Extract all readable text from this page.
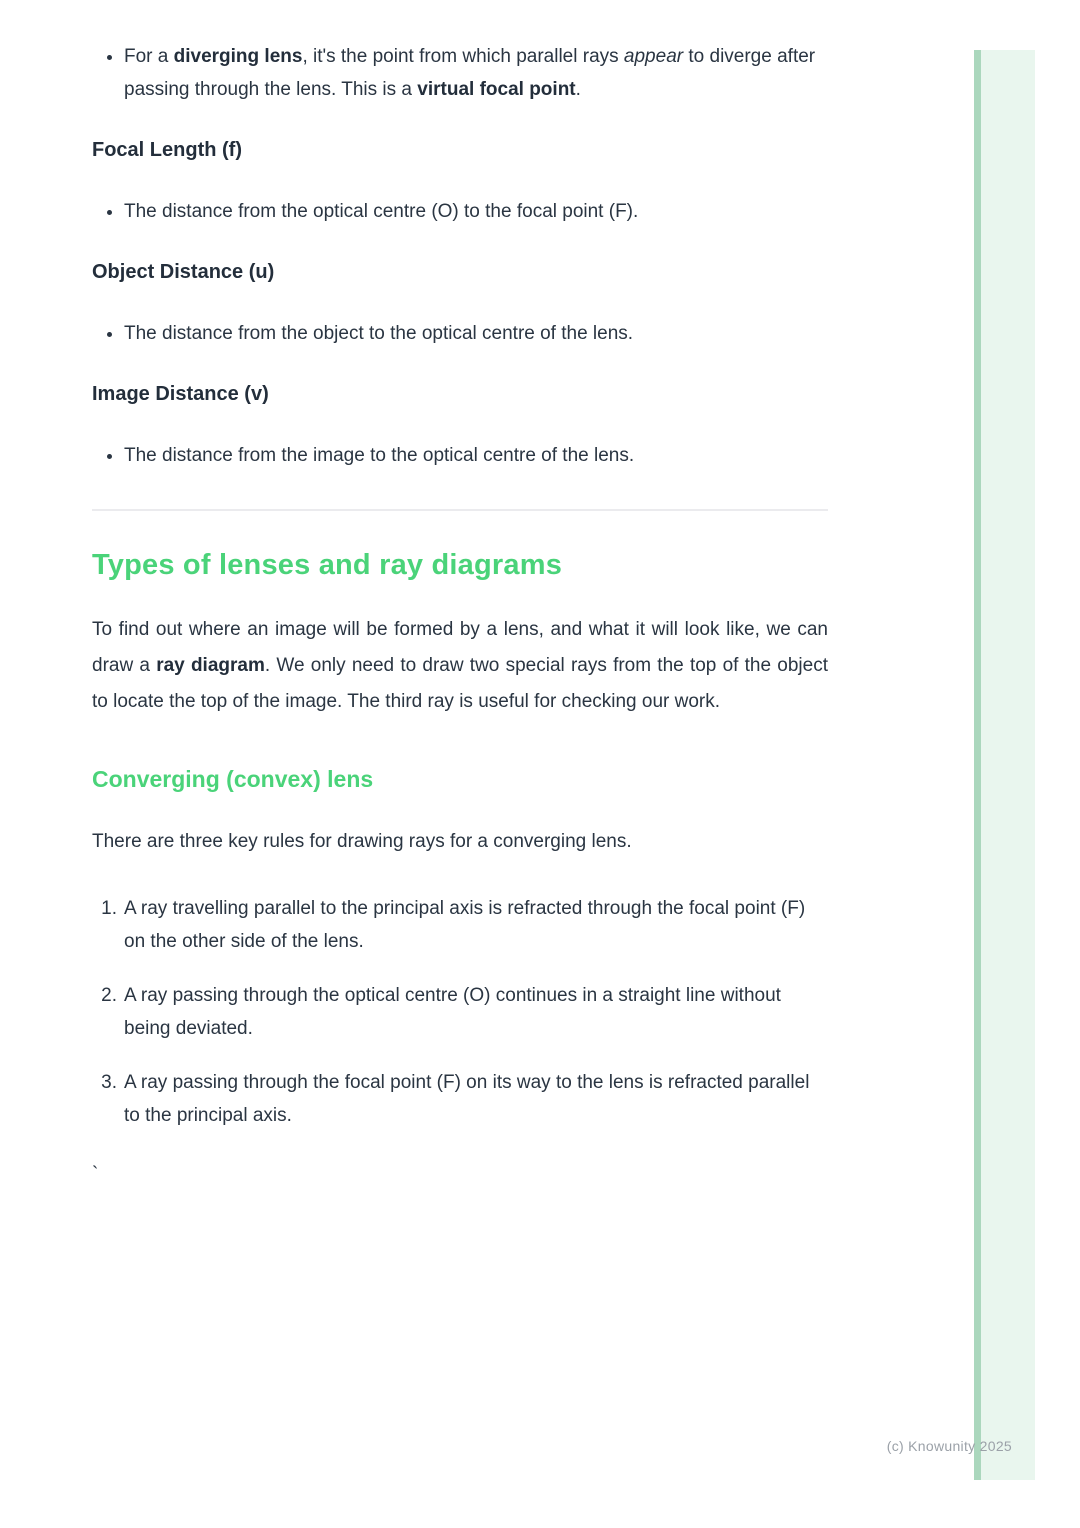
• For a diverging lens, it's the point from which parallel rays appear to diverge after passing through the lens. This is a virtual focal point.
Focal Length (f)
• The distance from the optical centre (O) to the focal point (F).
Object Distance (u)
• The distance from the object to the optical centre of the lens.
Image Distance (v)
• The distance from the image to the optical centre of the lens.
Types of lenses and ray diagrams

To find out where an image will be formed by a lens, and what it will look like, we can draw a ray diagram. We only need to draw two special rays from the top of the object to locate the top of the image. The third ray is useful for checking our work.

Converging (convex) lens

There are three key rules for drawing rays for a converging lens.

1. A ray travelling parallel to the principal axis is refracted through the focal point (F) on the other side of the lens.
2. A ray passing through the optical centre (O) continues in a straight line without being deviated.
3. A ray passing through the focal point (F) on its way to the lens is refracted parallel to the principal axis.

`

(c) Knowunity 2025
